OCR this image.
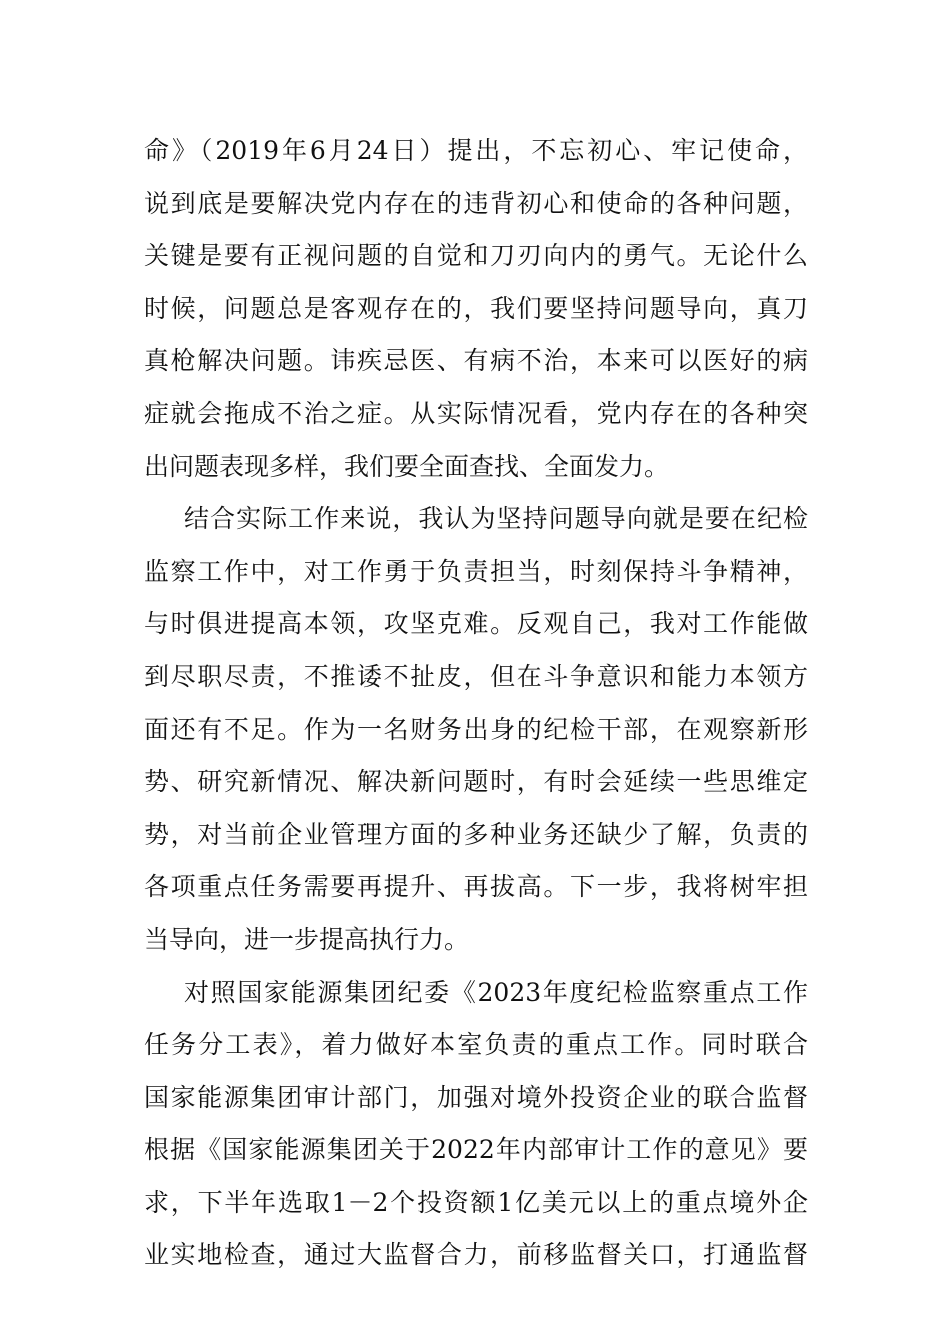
命》（2019年6月24日）提出，不忘初心、牢记使命，
说到底是要解决党内存在的违背初心和使命的各种问题，
关键是要有正视问题的自觉和刀刃向内的勇气。无论什么
时候，问题总是客观存在的，我们要坚持问题导向，真刀
真枪解决问题。讳疾忌医、有病不治，本来可以医好的病
症就会拖成不治之症。从实际情况看，党内存在的各种突
出问题表现多样，我们要全面查找、全面发力。
结合实际工作来说，我认为坚持问题导向就是要在纪检
监察工作中，对工作勇于负责担当，时刻保持斗争精神，
与时俱进提高本领，攻坚克难。反观自己，我对工作能做
到尽职尽责，不推诿不扯皮，但在斗争意识和能力本领方
面还有不足。作为一名财务出身的纪检干部，在观察新形
势、研究新情况、解决新问题时，有时会延续一些思维定
势，对当前企业管理方面的多种业务还缺少了解，负责的
各项重点任务需要再提升、再拔高。下一步，我将树牢担
当导向，进一步提高执行力。
对照国家能源集团纪委《2023年度纪检监察重点工作
任务分工表》，着力做好本室负责的重点工作。同时联合
国家能源集团审计部门，加强对境外投资企业的联合监督
根据《国家能源集团关于2022年内部审计工作的意见》要
求，下半年选取1－2个投资额1亿美元以上的重点境外企
业实地检查，通过大监督合力，前移监督关口，打通监督
